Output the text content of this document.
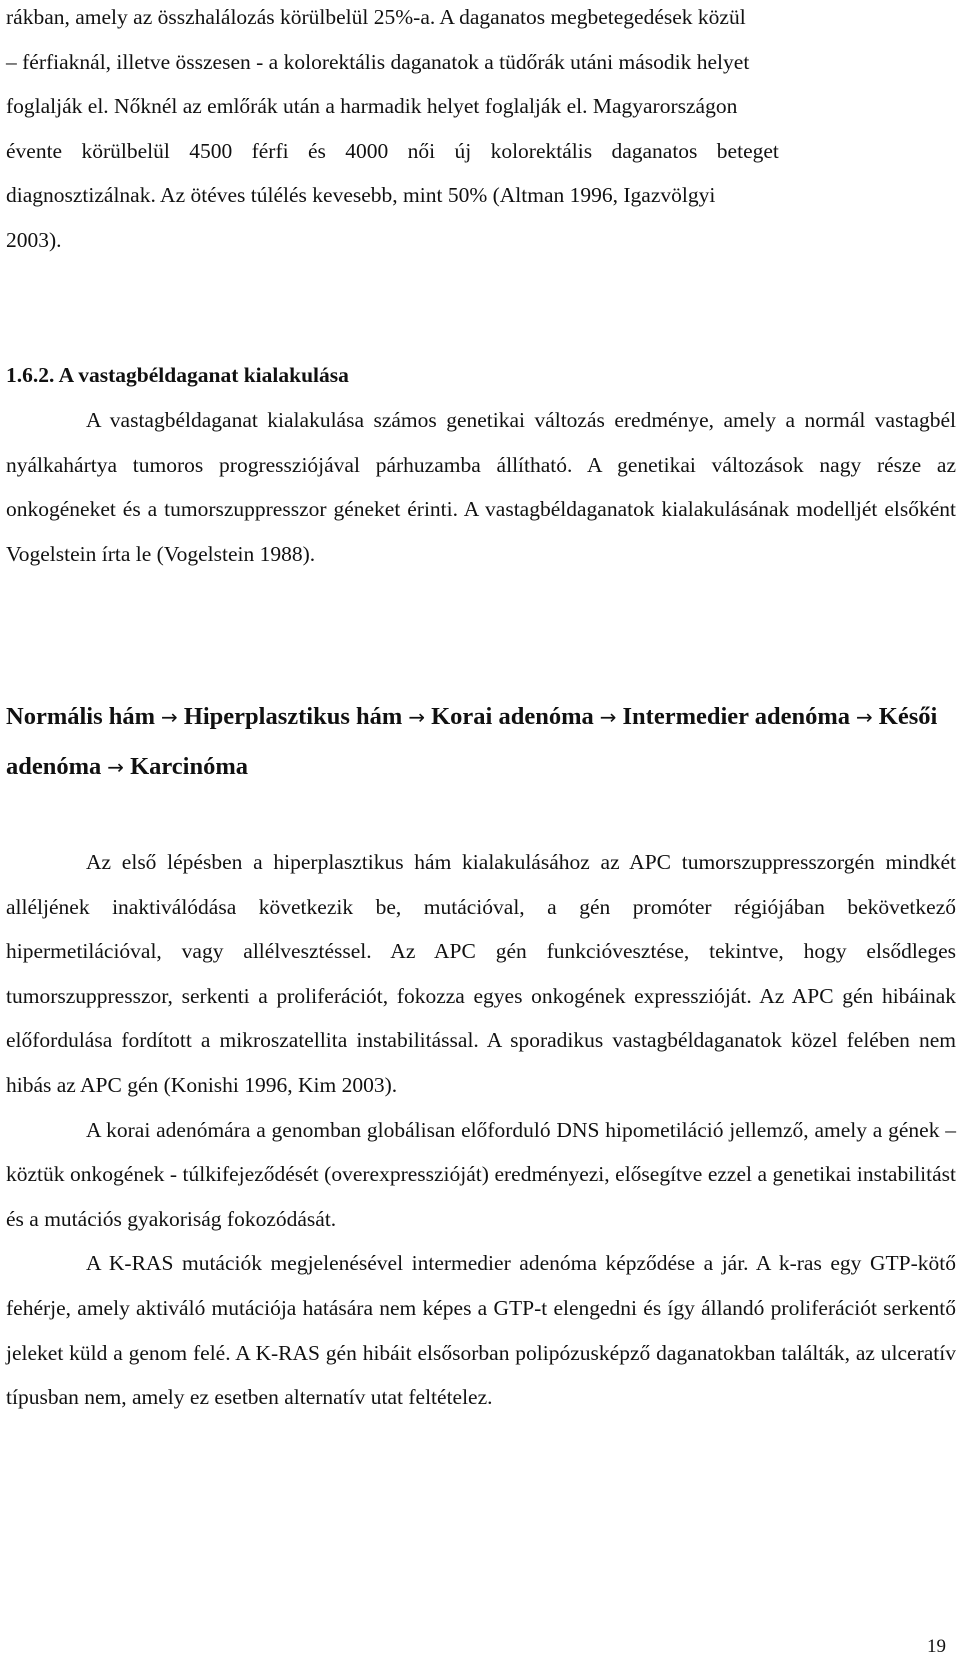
rákban, amely az összhalálozás körülbelül 25%-a. A daganatos megbetegedések közül

– férfiaknál, illetve összesen - a kolorektális daganatok a tüdőrák utáni második helyet

foglalják el. Nőknél az emlőrák után a harmadik helyet foglalják el. Magyarországon

évente körülbelül 4500 férfi és 4000 női új kolorektális daganatos beteget

diagnosztizálnak. Az ötéves túlélés kevesebb, mint 50% (Altman 1996, Igazvölgyi

2003).

1.6.2. A vastagbéldaganat kialakulása

A vastagbéldaganat kialakulása számos genetikai változás eredménye, amely a normál vastagbél nyálkahártya tumoros progressziójával párhuzamba állítható. A genetikai változások nagy része az onkogéneket és a tumorszuppresszor géneket érinti. A vastagbéldaganatok kialakulásának modelljét elsőként Vogelstein írta le (Vogelstein 1988).

Normális hám → Hiperplasztikus hám → Korai adenóma → Intermedier adenóma → Késői adenóma → Karcinóma

Az első lépésben a hiperplasztikus hám kialakulásához az APC tumorszuppresszorgén mindkét alléljének inaktiválódása következik be, mutációval, a gén promóter régiójában bekövetkező hipermetilációval, vagy allélvesztéssel. Az APC gén funkcióvesztése, tekintve, hogy elsődleges tumorszuppresszor, serkenti a proliferációt, fokozza egyes onkogének expresszióját. Az APC gén hibáinak előfordulása fordított a mikroszatellita instabilitással. A sporadikus vastagbéldaganatok közel felében nem hibás az APC gén (Konishi 1996, Kim 2003).

A korai adenómára a genomban globálisan előforduló DNS hipometiláció jellemző, amely a gének – köztük onkogének - túlkifejeződését (overexpresszióját) eredményezi, elősegítve ezzel a genetikai instabilitást és a mutációs gyakoriság fokozódását.

A K-RAS mutációk megjelenésével intermedier adenóma képződése a jár. A k-ras egy GTP-kötő fehérje, amely aktiváló mutációja hatására nem képes a GTP-t elengedni és így állandó proliferációt serkentő jeleket küld a genom felé. A K-RAS gén hibáit elsősorban polipózusképző daganatokban találták, az ulceratív típusban nem, amely ez esetben alternatív utat feltételez.

19
